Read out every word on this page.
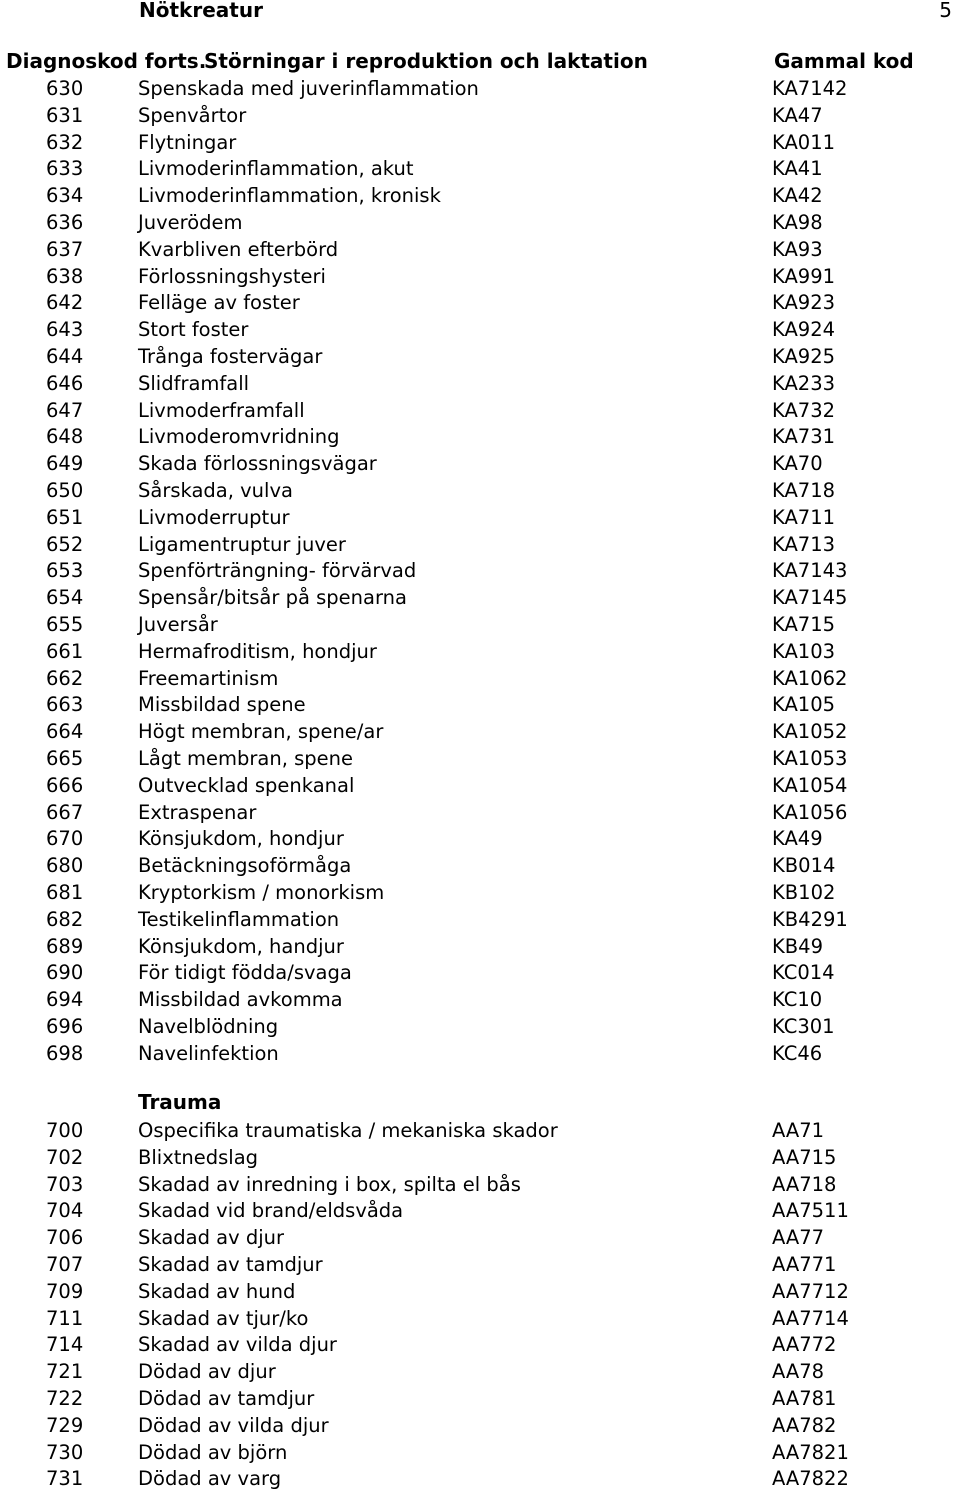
Nötkreatur	5
Diagnoskod forts.
Störningar i reproduktion och laktation	Gammal kod
630	Spenskada med juverinflammation	KA7142
631	Spenvårtor	KA47
632	Flytningar	KA011
633	Livmoderinflammation, akut	KA41
634	Livmoderinflammation, kronisk	KA42
636	Juverödem	KA98
637	Kvarbliven efterbörd	KA93
638	Förlossningshysteri	KA991
642	Felläge av foster	KA923
643	Stort foster	KA924
644	Trånga fostervägar	KA925
646	Slidframfall	KA233
647	Livmoderframfall	KA732
648	Livmoderomvridning	KA731
649	Skada förlossningsvägar	KA70
650	Sårskada, vulva	KA718
651	Livmoderruptur	KA711
652	Ligamentruptur juver	KA713
653	Spenförträngning- förvärvad	KA7143
654	Spensår/bitsår på spenarna	KA7145
655	Juversår	KA715
661	Hermafroditism, hondjur	KA103
662	Freemartinism	KA1062
663	Missbildad spene	KA105
664	Högt membran, spene/ar	KA1052
665	Lågt membran, spene	KA1053
666	Outvecklad spenkanal	KA1054
667	Extraspenar	KA1056
670	Könsjukdom, hondjur	KA49
680	Betäckningsoförmåga	KB014
681	Kryptorkism / monorkism	KB102
682	Testikelinflammation	KB4291
689	Könsjukdom, handjur	KB49
690	För tidigt födda/svaga	KC014
694	Missbildad avkomma	KC10
696	Navelblödning	KC301
698	Navelinfektion	KC46
Trauma
700	Ospecifika traumatiska / mekaniska skador	AA71
702	Blixtnedslag	AA715
703	Skadad av inredning i box, spilta el bås	AA718
704	Skadad vid brand/eldsvåda	AA7511
706	Skadad av djur	AA77
707	Skadad av tamdjur	AA771
709	Skadad av hund	AA7712
711	Skadad av tjur/ko	AA7714
714	Skadad av vilda djur	AA772
721	Dödad av djur	AA78
722	Dödad av tamdjur	AA781
729	Dödad av vilda djur	AA782
730	Dödad av björn	AA7821
731	Dödad av varg	AA7822
